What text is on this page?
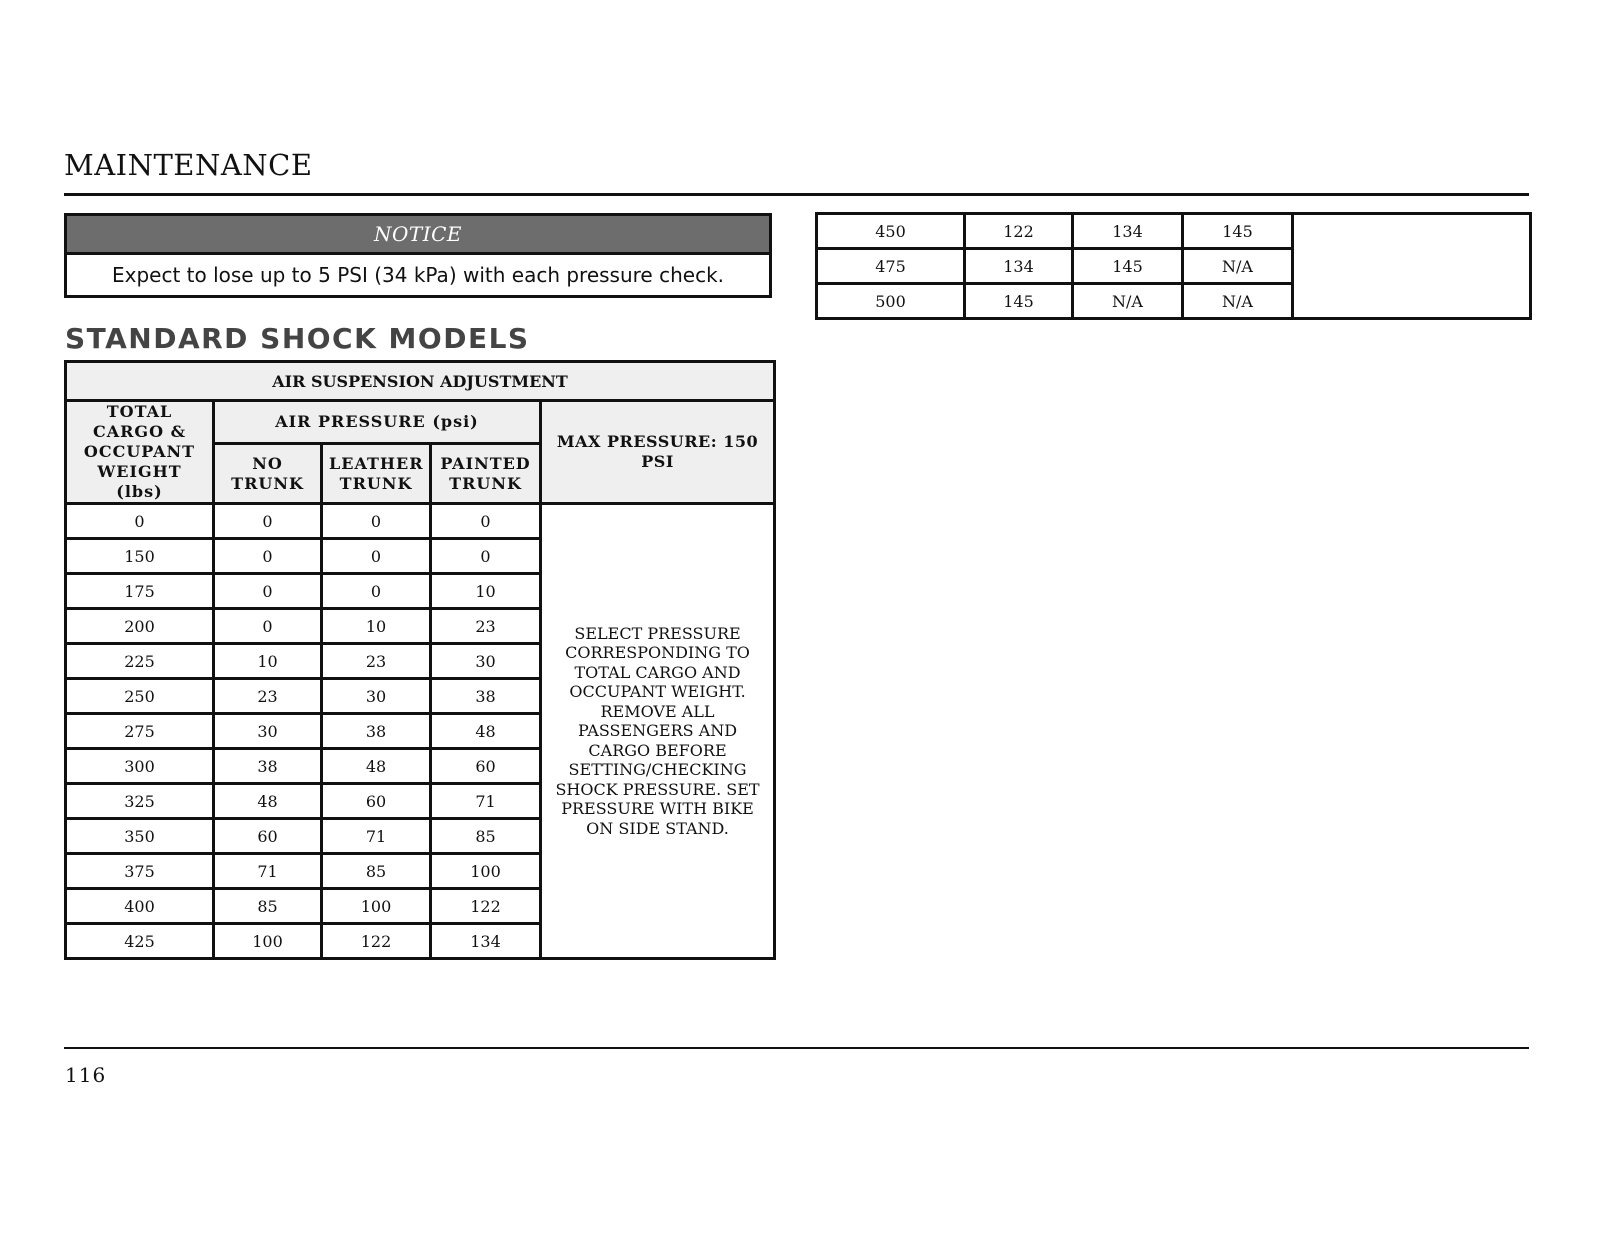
MAINTENANCE
NOTICE
Expect to lose up to 5 PSI (34 kPa) with each pressure check.
STANDARD SHOCK MODELS
AIR SUSPENSION ADJUSTMENT				
TOTAL CARGO & OCCUPANT WEIGHT (lbs)	AIR PRESSURE (psi)			MAX PRESSURE: 150 PSI
	NO TRUNK	LEATHER TRUNK	PAINTED TRUNK	
0	0	0	0	SELECT PRESSURE CORRESPONDING TO TOTAL CARGO AND OCCUPANT WEIGHT. REMOVE ALL PASSENGERS AND CARGO BEFORE SETTING/CHECKING SHOCK PRESSURE. SET PRESSURE WITH BIKE ON SIDE STAND.
150	0	0	0	
175	0	0	10	
200	0	10	23	
225	10	23	30	
250	23	30	38	
275	30	38	48	
300	38	48	60	
325	48	60	71	
350	60	71	85	
375	71	85	100	
400	85	100	122	
425	100	122	134	
450	122	134	145	
475	134	145	N/A	
500	145	N/A	N/A	
116
